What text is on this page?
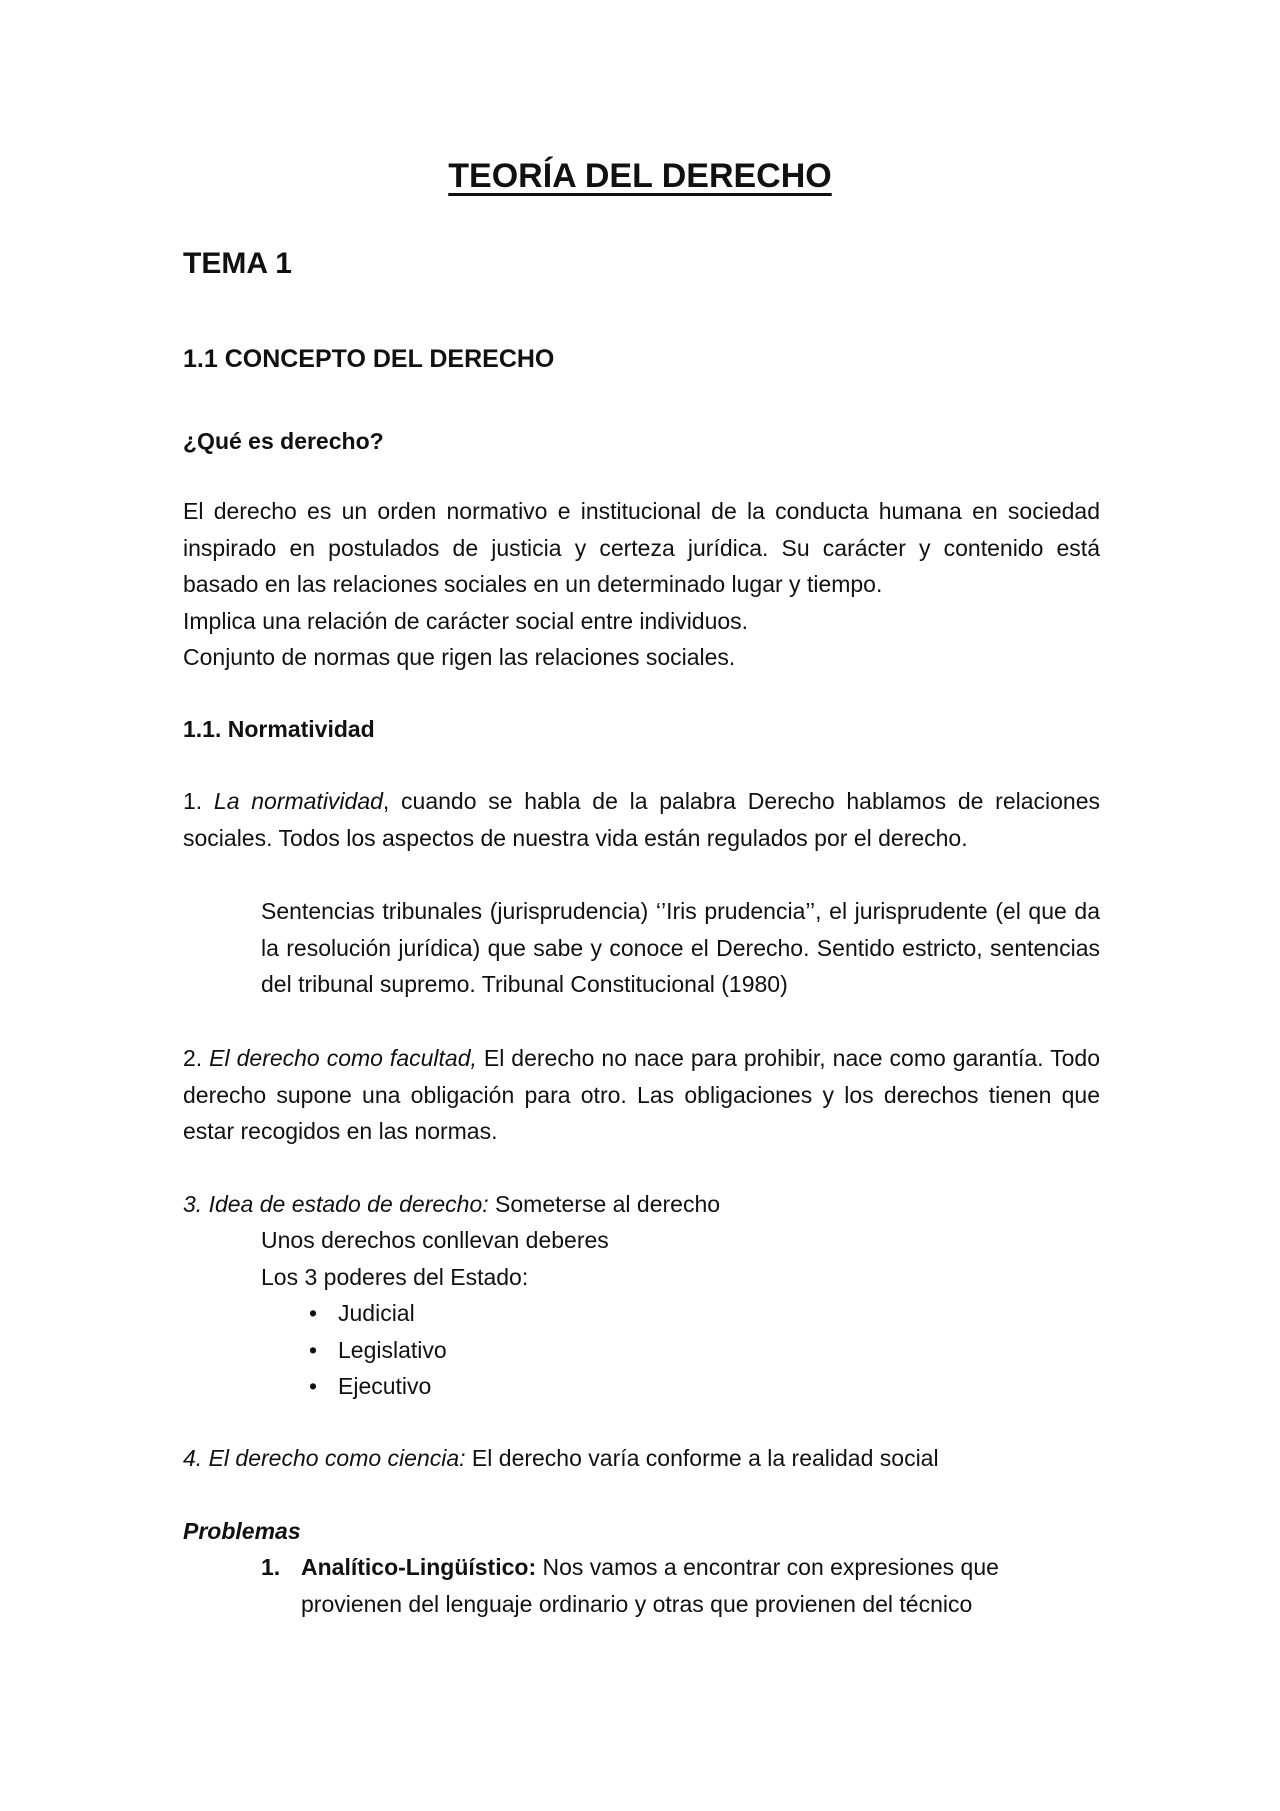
TEORÍA DEL DERECHO
TEMA 1
1.1 CONCEPTO DEL DERECHO
¿Qué es derecho?
El derecho es un orden normativo e institucional de la conducta humana en sociedad inspirado en postulados de justicia y certeza jurídica. Su carácter y contenido está basado en las relaciones sociales en un determinado lugar y tiempo.
Implica una relación de carácter social entre individuos.
Conjunto de normas que rigen las relaciones sociales.
1.1. Normatividad
1. La normatividad, cuando se habla de la palabra Derecho hablamos de relaciones sociales. Todos los aspectos de nuestra vida están regulados por el derecho.
Sentencias tribunales (jurisprudencia) ‘’Iris prudencia’’, el jurisprudente (el que da la resolución jurídica) que sabe y conoce el Derecho. Sentido estricto, sentencias del tribunal supremo. Tribunal Constitucional (1980)
2. El derecho como facultad, El derecho no nace para prohibir, nace como garantía. Todo derecho supone una obligación para otro. Las obligaciones y los derechos tienen que estar recogidos en las normas.
3. Idea de estado de derecho: Someterse al derecho
Unos derechos conllevan deberes
Los 3 poderes del Estado:
• Judicial
• Legislativo
• Ejecutivo
4. El derecho como ciencia: El derecho varía conforme a la realidad social
Problemas
1. Analítico-Lingüístico: Nos vamos a encontrar con expresiones que provienen del lenguaje ordinario y otras que provienen del técnico
